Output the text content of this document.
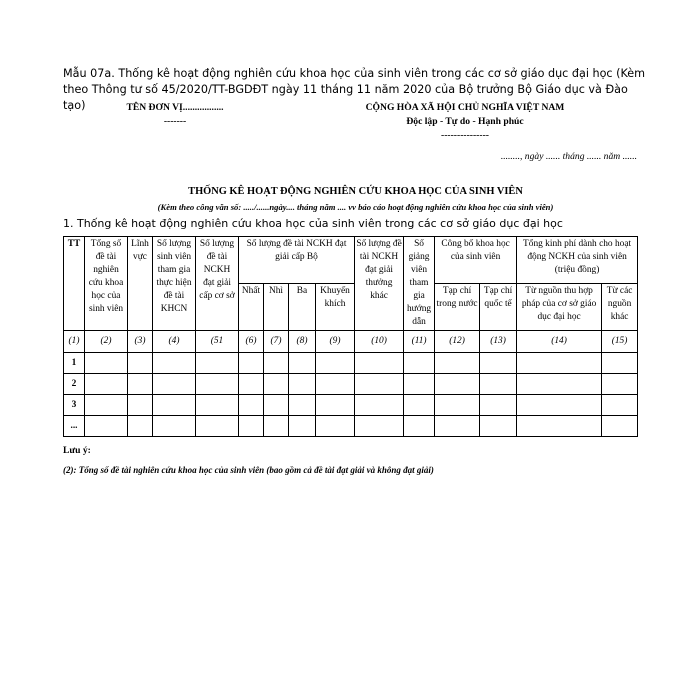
Mẫu 07a. Thống kê hoạt động nghiên cứu khoa học của sinh viên trong các cơ sở giáo dục đại học (Kèm theo Thông tư số 45/2020/TT-BGDĐT ngày 11 tháng 11 năm 2020 của Bộ trưởng Bộ Giáo dục và Đào tạo)	TÊN ĐƠN VỊ.................
-------
CỘNG HÒA XÃ HỘI CHỦ NGHĨA VIỆT NAM
Độc lập - Tự do - Hạnh phúc
---------------
........, ngày ...... tháng ...... năm ......
THỐNG KÊ HOẠT ĐỘNG NGHIÊN CỨU KHOA HỌC CỦA SINH VIÊN
(Kèm theo công văn số: ...../......ngày.... tháng năm .... vv báo cáo hoạt động nghiên cứu khoa học của sinh viên)
1. Thống kê hoạt động nghiên cứu khoa học của sinh viên trong các cơ sở giáo dục đại học
TT	Tổng số đề tài nghiên cứu khoa học của sinh viên	Lĩnh vực	Số lượng sinh viên tham gia thực hiện đề tài KHCN	Số lượng đề tài NCKH đạt giải cấp cơ sở	Số lượng đề tài NCKH đạt giải cấp Bộ				Số lượng đề tài NCKH đạt giải thưởng khác	Số giảng viên tham gia hướng dẫn	Công bố khoa học của sinh viên		Tổng kinh phí dành cho hoạt động NCKH của sinh viên (triệu đồng)	
					Nhất	Nhì	Ba	Khuyến khích			Tạp chí trong nước	Tạp chí quốc tế	Từ nguồn thu hợp pháp của cơ sở giáo dục đại học	Từ các nguồn khác
(1)	(2)	(3)	(4)	(51	(6)	(7)	(8)	(9)	(10)	(11)	(12)	(13)	(14)	(15)
1														
2														
3														
...														
Lưu ý:
(2): Tổng số đề tài nghiên cứu khoa học của sinh viên (bao gồm cả đề tài đạt giải và không đạt giải)
